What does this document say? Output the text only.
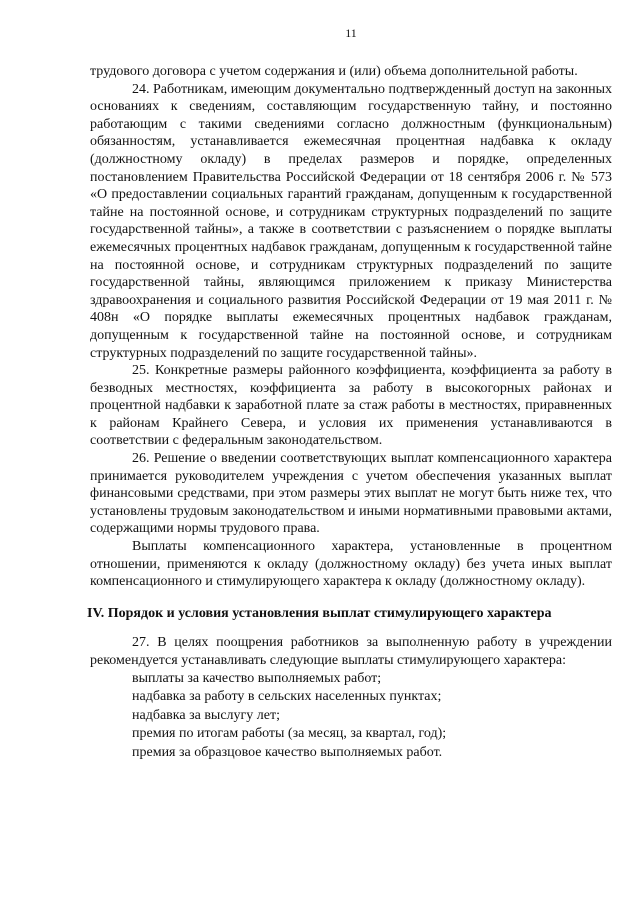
11

трудового договора с учетом содержания и (или) объема дополнительной работы.

24. Работникам, имеющим документально подтвержденный доступ на законных основаниях к сведениям, составляющим государственную тайну, и постоянно работающим с такими сведениями согласно должностным (функциональным) обязанностям, устанавливается ежемесячная процентная надбавка к окладу (должностному окладу) в пределах размеров и порядке, определенных постановлением Правительства Российской Федерации от 18 сентября 2006 г. № 573 «О предоставлении социальных гарантий гражданам, допущенным к государственной тайне на постоянной основе, и сотрудникам структурных подразделений по защите государственной тайны», а также в соответствии с разъяснением о порядке выплаты ежемесячных процентных надбавок гражданам, допущенным к государственной тайне на постоянной основе, и сотрудникам структурных подразделений по защите государственной тайны, являющимся приложением к приказу Министерства здравоохранения и социального развития Российской Федерации от 19 мая 2011 г. № 408н «О порядке выплаты ежемесячных процентных надбавок гражданам, допущенным к государственной тайне на постоянной основе, и сотрудникам структурных подразделений по защите государственной тайны».

25. Конкретные размеры районного коэффициента, коэффициента за работу в безводных местностях, коэффициента за работу в высокогорных районах и процентной надбавки к заработной плате за стаж работы в местностях, приравненных к районам Крайнего Севера, и условия их применения устанавливаются в соответствии с федеральным законодательством.

26. Решение о введении соответствующих выплат компенсационного характера принимается руководителем учреждения с учетом обеспечения указанных выплат финансовыми средствами, при этом размеры этих выплат не могут быть ниже тех, что установлены трудовым законодательством и иными нормативными правовыми актами, содержащими нормы трудового права.

Выплаты компенсационного характера, установленные в процентном отношении, применяются к окладу (должностному окладу) без учета иных выплат компенсационного и стимулирующего характера к окладу (должностному окладу).

IV. Порядок и условия установления выплат стимулирующего характера

27. В целях поощрения работников за выполненную работу в учреждении рекомендуется устанавливать следующие выплаты стимулирующего характера:

выплаты за качество выполняемых работ;
надбавка за работу в сельских населенных пунктах;
надбавка за выслугу лет;
премия по итогам работы (за месяц, за квартал, год);
премия за образцовое качество выполняемых работ.
